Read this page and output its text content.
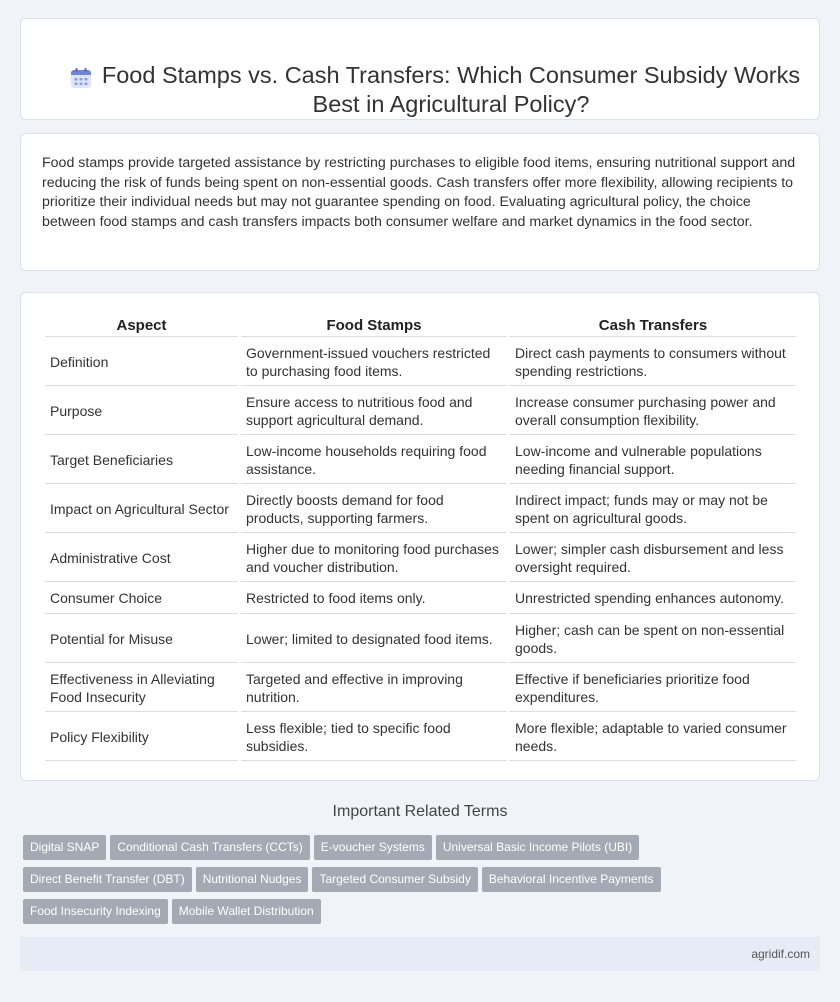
Food Stamps vs. Cash Transfers: Which Consumer Subsidy Works Best in Agricultural Policy?

Food stamps provide targeted assistance by restricting purchases to eligible food items, ensuring nutritional support and reducing the risk of funds being spent on non-essential goods. Cash transfers offer more flexibility, allowing recipients to prioritize their individual needs but may not guarantee spending on food. Evaluating agricultural policy, the choice between food stamps and cash transfers impacts both consumer welfare and market dynamics in the food sector.

Aspect	Food Stamps	Cash Transfers
Definition	Government-issued vouchers restricted to purchasing food items.	Direct cash payments to consumers without spending restrictions.
Purpose	Ensure access to nutritious food and support agricultural demand.	Increase consumer purchasing power and overall consumption flexibility.
Target Beneficiaries	Low-income households requiring food assistance.	Low-income and vulnerable populations needing financial support.
Impact on Agricultural Sector	Directly boosts demand for food products, supporting farmers.	Indirect impact; funds may or may not be spent on agricultural goods.
Administrative Cost	Higher due to monitoring food purchases and voucher distribution.	Lower; simpler cash disbursement and less oversight required.
Consumer Choice	Restricted to food items only.	Unrestricted spending enhances autonomy.
Potential for Misuse	Lower; limited to designated food items.	Higher; cash can be spent on non-essential goods.
Effectiveness in Alleviating Food Insecurity	Targeted and effective in improving nutrition.	Effective if beneficiaries prioritize food expenditures.
Policy Flexibility	Less flexible; tied to specific food subsidies.	More flexible; adaptable to varied consumer needs.
Important Related Terms
Digital SNAP Conditional Cash Transfers (CCTs) E-voucher Systems Universal Basic Income Pilots (UBI)
Direct Benefit Transfer (DBT) Nutritional Nudges Targeted Consumer Subsidy Behavioral Incentive Payments
Food Insecurity Indexing Mobile Wallet Distribution
agridif.com
